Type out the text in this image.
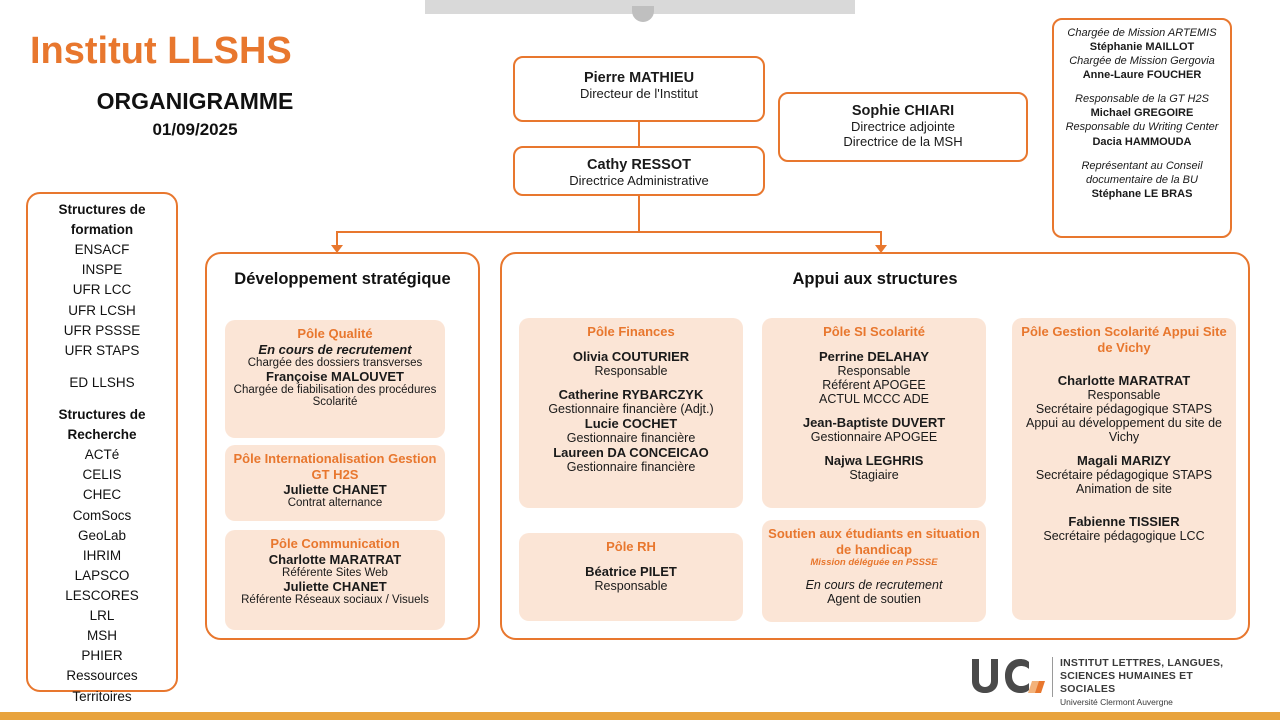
Institut LLSHS
ORGANIGRAMME
01/09/2025
Pierre MATHIEU
Directeur de l'Institut
Sophie CHIARI
Directrice adjointe
Directrice de la MSH
Cathy RESSOT
Directrice Administrative
Chargée de Mission ARTEMIS
Stéphanie MAILLOT
Chargée de Mission Gergovia
Anne-Laure FOUCHER
Responsable de la GT H2S
Michael GREGOIRE
Responsable du Writing Center
Dacia HAMMOUDA
Représentant au Conseil documentaire de la BU
Stéphane LE BRAS
Structures de formation
ENSACF
INSPE
UFR LCC
UFR LCSH
UFR PSSSE
UFR STAPS
ED LLSHS
Structures de Recherche
ACTé
CELIS
CHEC
ComSocs
GeoLab
IHRIM
LAPSCO
LESCORES
LRL
MSH
PHIER
Ressources
Territoires
Développement stratégique
Pôle Qualité
En cours de recrutement
Chargée des dossiers transverses
Françoise MALOUVET
Chargée de fiabilisation des procédures Scolarité
Pôle Internationalisation Gestion GT H2S
Juliette CHANET
Contrat alternance
Pôle Communication
Charlotte MARATRAT
Référente Sites Web
Juliette CHANET
Référente Réseaux sociaux / Visuels
Appui aux structures
Pôle Finances
Olivia COUTURIER
Responsable
Catherine RYBARCZYK
Gestionnaire financière (Adjt.)
Lucie COCHET
Gestionnaire financière
Laureen DA CONCEICAO
Gestionnaire financière
Pôle RH
Béatrice PILET
Responsable
Pôle SI Scolarité
Perrine DELAHAY
Responsable
Référent APOGEE
ACTUL MCCC ADE
Jean-Baptiste DUVERT
Gestionnaire APOGEE
Najwa LEGHRIS
Stagiaire
Soutien aux étudiants en situation de handicap
Mission déléguée en PSSSE
En cours de recrutement
Agent de soutien
Pôle Gestion Scolarité Appui Site de Vichy
Charlotte MARATRAT
Responsable
Secrétaire pédagogique STAPS
Appui au développement du site de Vichy
Magali MARIZY
Secrétaire pédagogique STAPS
Animation de site
Fabienne TISSIER
Secrétaire pédagogique LCC
INSTITUT LETTRES, LANGUES,
SCIENCES HUMAINES ET SOCIALES
Université Clermont Auvergne
